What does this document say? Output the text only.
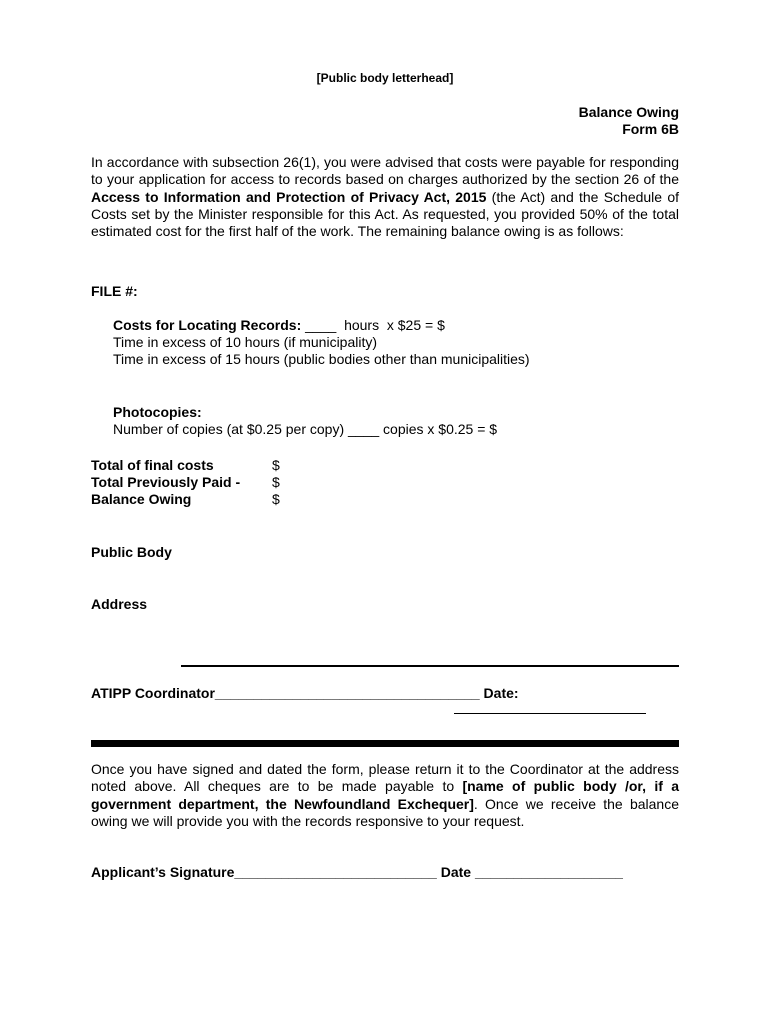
[Public body letterhead]
Balance Owing
Form 6B
In accordance with subsection 26(1), you were advised that costs were payable for responding to your application for access to records based on charges authorized by the section 26 of the Access to Information and Protection of Privacy Act, 2015 (the Act) and the Schedule of Costs set by the Minister responsible for this Act. As requested, you provided 50% of the total estimated cost for the first half of the work. The remaining balance owing is as follows:
FILE #:
Costs for Locating Records: ____  hours  x $25 = $
Time in excess of 10 hours (if municipality)
Time in excess of 15 hours (public bodies other than municipalities)
Photocopies:
Number of copies (at $0.25 per copy) ____ copies x $0.25 = $
Total of final costs	$
Total Previously Paid -	$
Balance Owing	$
Public Body
Address
ATIPP Coordinator__________________________________ Date:
Once you have signed and dated the form, please return it to the Coordinator at the address noted above. All cheques are to be made payable to [name of public body /or, if a government department, the Newfoundland Exchequer]. Once we receive the balance owing we will provide you with the records responsive to your request.
Applicant’s Signature__________________________ Date ___________________
